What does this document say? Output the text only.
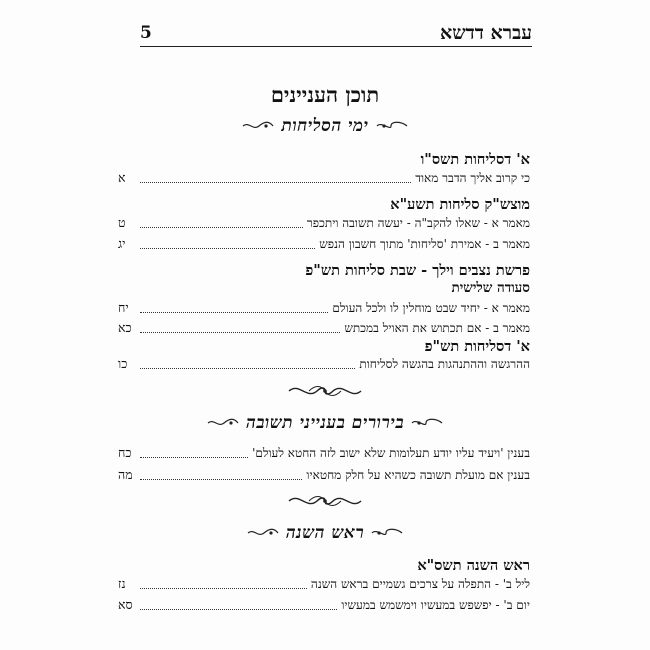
עברא דדשא
5
תוכן העניינים
ימי הסליחות
א' דסליחות תשס"ו
כי קרוב אליך הדבר מאוד
א
מוצש"ק סליחות תשע"א
מאמר א - שאלו להקב"ה - יעשה תשובה ויתכפר
ט
מאמר ב - אמירת 'סליחות' מתוך חשבון הנפש
יג
פרשת נצבים וילך - שבת סליחות תש"פ
סעודה שלישית
מאמר א - יחיד שבט מוחלין לו ולכל העולם
יח
מאמר ב - אם תכתוש את האויל במכתש
כא
א' דסליחות תש"פ
ההרגשה וההתנהגות בהגשה לסליחות
כו
בירורים בענייני תשובה
בענין 'ויעיד עליו יודע תעלומות שלא ישוב לזה החטא לעולם'
כח
בענין אם מועלת תשובה כשהיא על חלק מחטאיו
מה
ראש השנה
ראש השנה תשס"א
ליל ב' - התפלה על צרכים גשמיים בראש השנה
נז
יום ב' - יפשפש במעשיו וימשמש במעשיו
סא
